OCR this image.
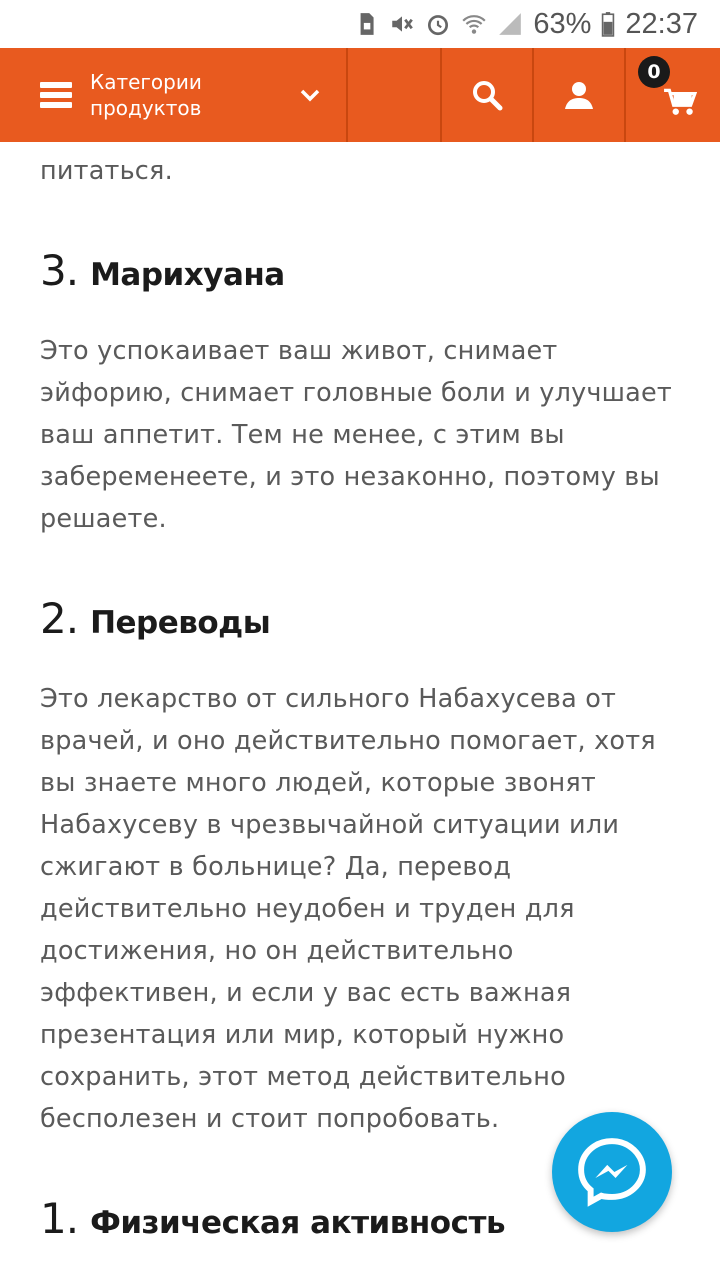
63% 22:37
Категории
продуктов
0

питаться.

3. Марихуана

Это успокаивает ваш живот, снимает эйфорию, снимает головные боли и улучшает ваш аппетит. Тем не менее, с этим вы забеременеете, и это незаконно, поэтому вы решаете.

2. Переводы

Это лекарство от сильного Набахусева от врачей, и оно действительно помогает, хотя вы знаете много людей, которые звонят Набахусеву в чрезвычайной ситуации или сжигают в больнице? Да, перевод действительно неудобен и труден для достижения, но он действительно эффективен, и если у вас есть важная презентация или мир, который нужно сохранить, этот метод действительно бесполезен и стоит попробовать.

1. Физическая активность
